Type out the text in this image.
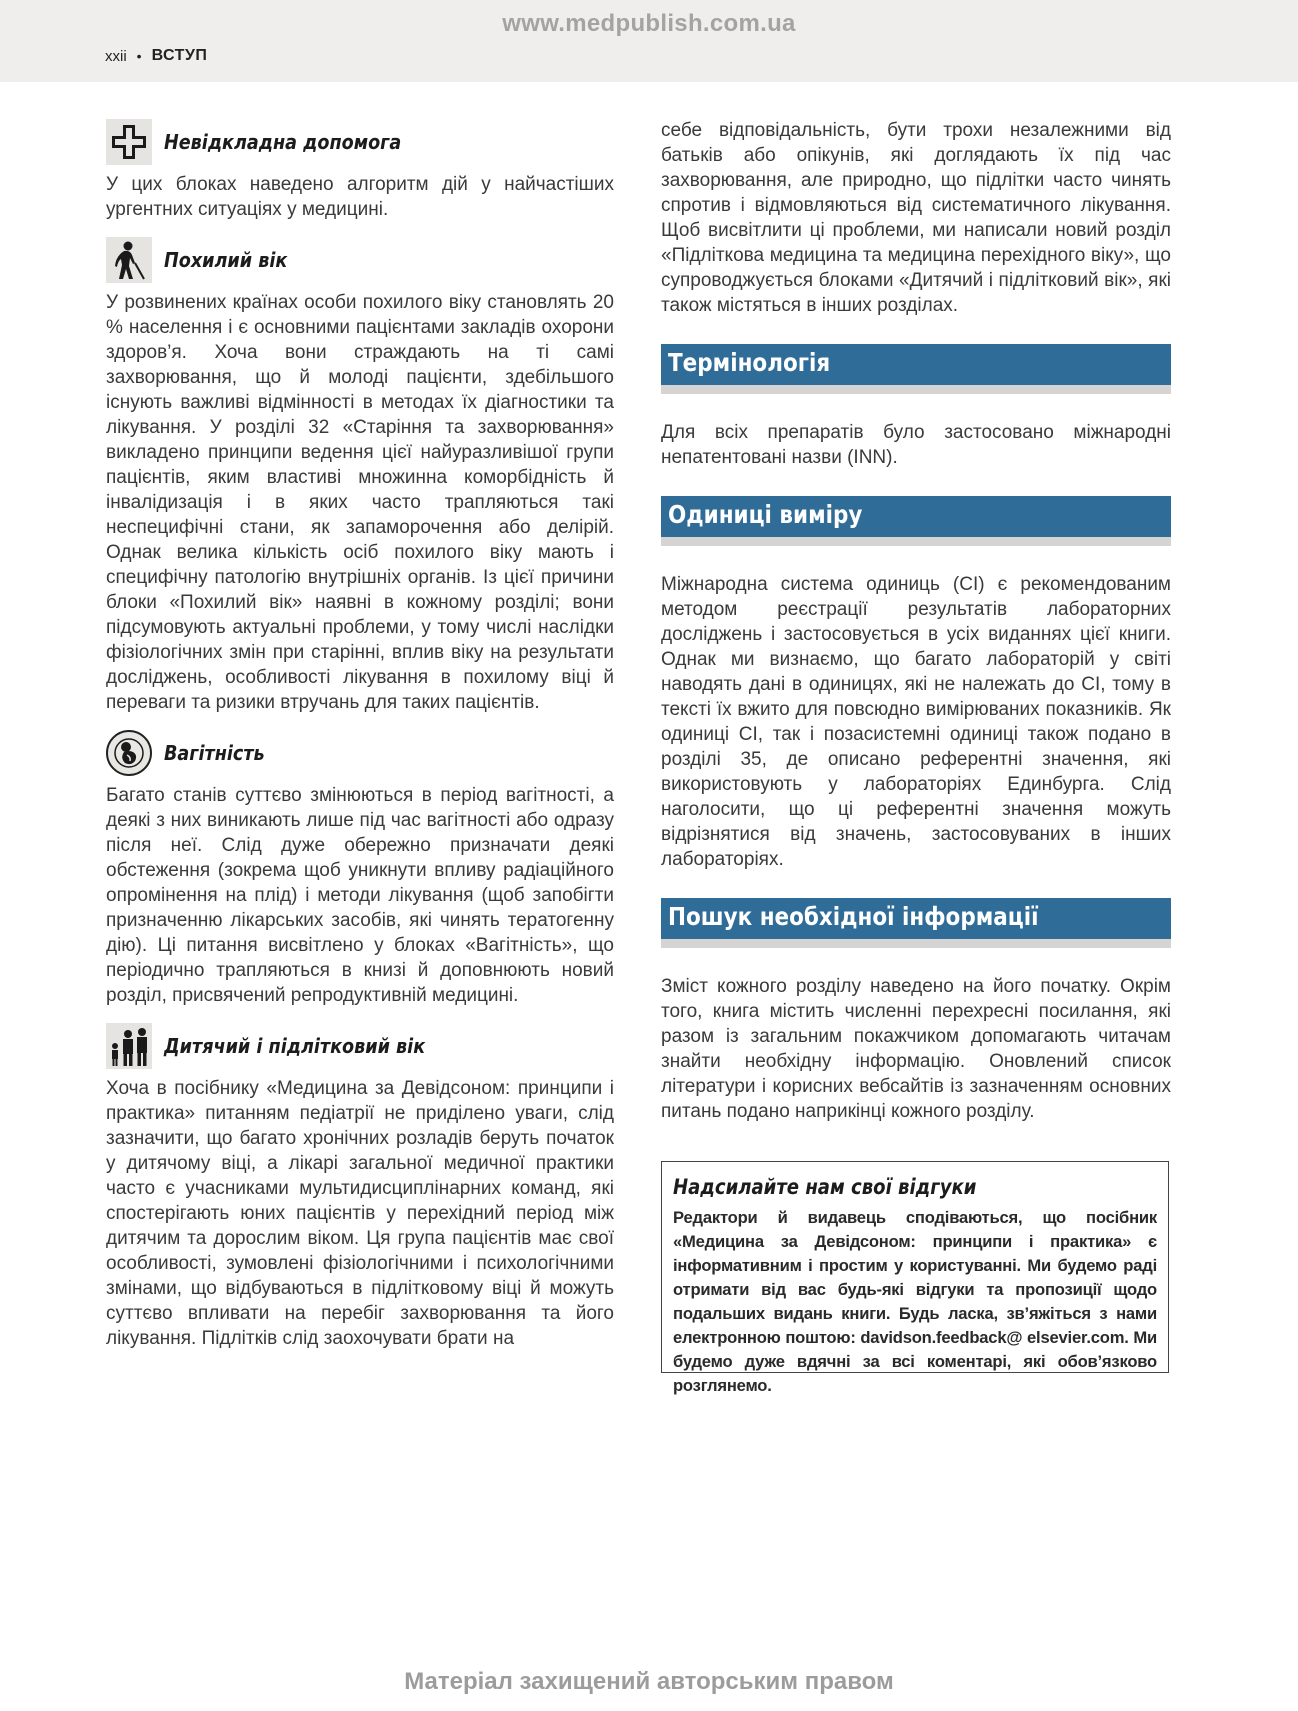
www.medpublish.com.ua
xxii • ВСТУП
Невідкладна допомога

У цих блоках наведено алгоритм дій у найчастіших ургентних ситуаціях у медицині.

Похилий вік

У розвинених країнах особи похилого віку становлять 20 % населення і є основними пацієнтами закладів охорони здоров’я. Хоча вони страждають на ті самі захворювання, що й молоді пацієнти, здебільшого існують важливі відмінності в методах їх діагностики та лікування. У розділі 32 «Старіння та захворювання» викладено принципи ведення цієї найуразливішої групи пацієнтів, яким властиві множинна коморбідність й інвалідизація і в яких часто трапляються такі неспецифічні стани, як запаморочення або делірій. Однак велика кількість осіб похилого віку мають і специфічну патологію внутрішніх органів. Із цієї причини блоки «Похилий вік» наявні в кожному розділі; вони підсумовують актуальні проблеми, у тому числі наслідки фізіологічних змін при старінні, вплив віку на результати досліджень, особливості лікування в похилому віці й переваги та ризики втручань для таких пацієнтів.

Вагітність

Багато станів суттєво змінюються в період вагітності, а деякі з них виникають лише під час вагітності або одразу після неї. Слід дуже обережно призначати деякі обстеження (зокрема щоб уникнути впливу радіаційного опромінення на плід) і методи лікування (щоб запобігти призначенню лікарських засобів, які чинять тератогенну дію). Ці питання висвітлено у блоках «Вагітність», що періодично трапляються в книзі й доповнюють новий розділ, присвячений репродуктивній медицині.

Дитячий і підлітковий вік

Хоча в посібнику «Медицина за Девідсоном: принципи і практика» питанням педіатрії не приділено уваги, слід зазначити, що багато хронічних розладів беруть початок у дитячому віці, а лікарі загальної медичної практики часто є учасниками мультидисциплінарних команд, які спостерігають юних пацієнтів у перехідний період між дитячим та дорослим віком. Ця група пацієнтів має свої особливості, зумовлені фізіологічними і психологічними змінами, що відбуваються в підлітковому віці й можуть суттєво впливати на перебіг захворювання та його лікування. Підлітків слід заохочувати брати на

себе відповідальність, бути трохи незалежними від батьків або опікунів, які доглядають їх під час захворювання, але природно, що підлітки часто чинять спротив і відмовляються від систематичного лікування. Щоб висвітлити ці проблеми, ми написали новий розділ «Підліткова медицина та медицина перехідного віку», що супроводжується блоками «Дитячий і підлітковий вік», які також містяться в інших розділах.

Термінологія

Для всіх препаратів було застосовано міжнародні непатентовані назви (INN).

Одиниці виміру

Міжнародна система одиниць (СІ) є рекомендованим методом реєстрації результатів лабораторних досліджень і застосовується в усіх виданнях цієї книги. Однак ми визнаємо, що багато лабораторій у світі наводять дані в одиницях, які не належать до СІ, тому в тексті їх вжито для повсюдно вимірюваних показників. Як одиниці СІ, так і позасистемні одиниці також подано в розділі 35, де описано референтні значення, які використовують у лабораторіях Единбурга. Слід наголосити, що ці референтні значення можуть відрізнятися від значень, застосовуваних в інших лабораторіях.

Пошук необхідної інформації

Зміст кожного розділу наведено на його початку. Окрім того, книга містить численні перехресні посилання, які разом із загальним покажчиком допомагають читачам знайти необхідну інформацію. Оновлений список літератури і корисних вебсайтів із зазначенням основних питань подано наприкінці кожного розділу.

Надсилайте нам свої відгуки
Редактори й видавець сподіваються, що посібник «Медицина за Девідсоном: принципи і практика» є інформативним і простим у користуванні. Ми будемо раді отримати від вас будь-які відгуки та пропозиції щодо подальших видань книги. Будь ласка, зв’яжіться з нами електронною поштою: davidson.feedback@ elsevier.com. Ми будемо дуже вдячні за всі коментарі, які обов’язково розглянемо.
Матеріал захищений авторським правом
